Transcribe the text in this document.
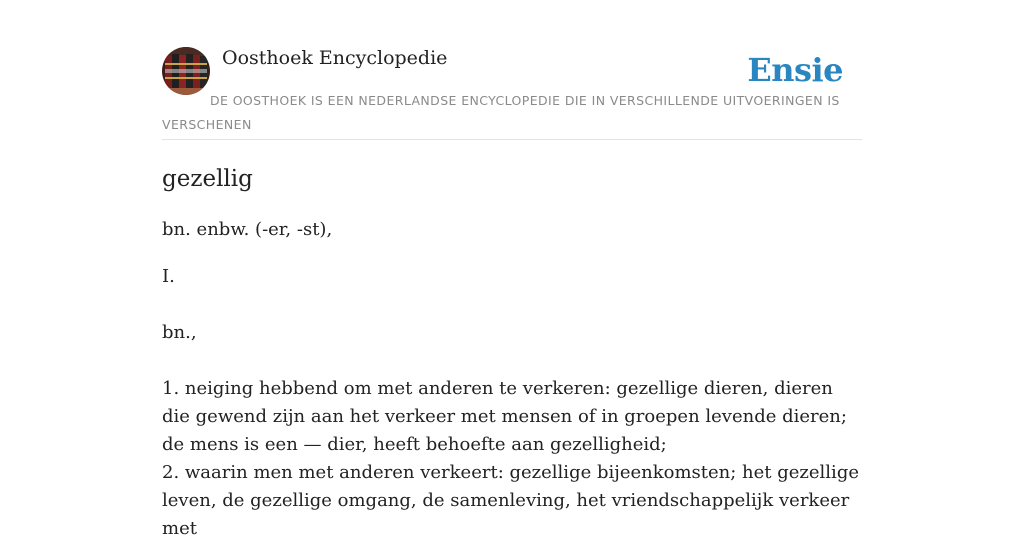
Oosthoek Encyclopedie	Ensie
DE OOSTHOEK IS EEN NEDERLANDSE ENCYCLOPEDIE DIE IN VERSCHILLENDE UITVOERINGEN IS VERSCHENEN
gezellig
bn. enbw. (-er, -st),

I.

bn.,

1. neiging hebbend om met anderen te verkeren: gezellige dieren, dieren die gewend zijn aan het verkeer met mensen of in groepen levende dieren; de mens is een — dier, heeft behoefte aan gezelligheid;

2. waarin men met anderen verkeert: gezellige bijeenkomsten; het gezellige leven, de gezellige omgang, de samenleving, het vriendschappelijk verkeer met
